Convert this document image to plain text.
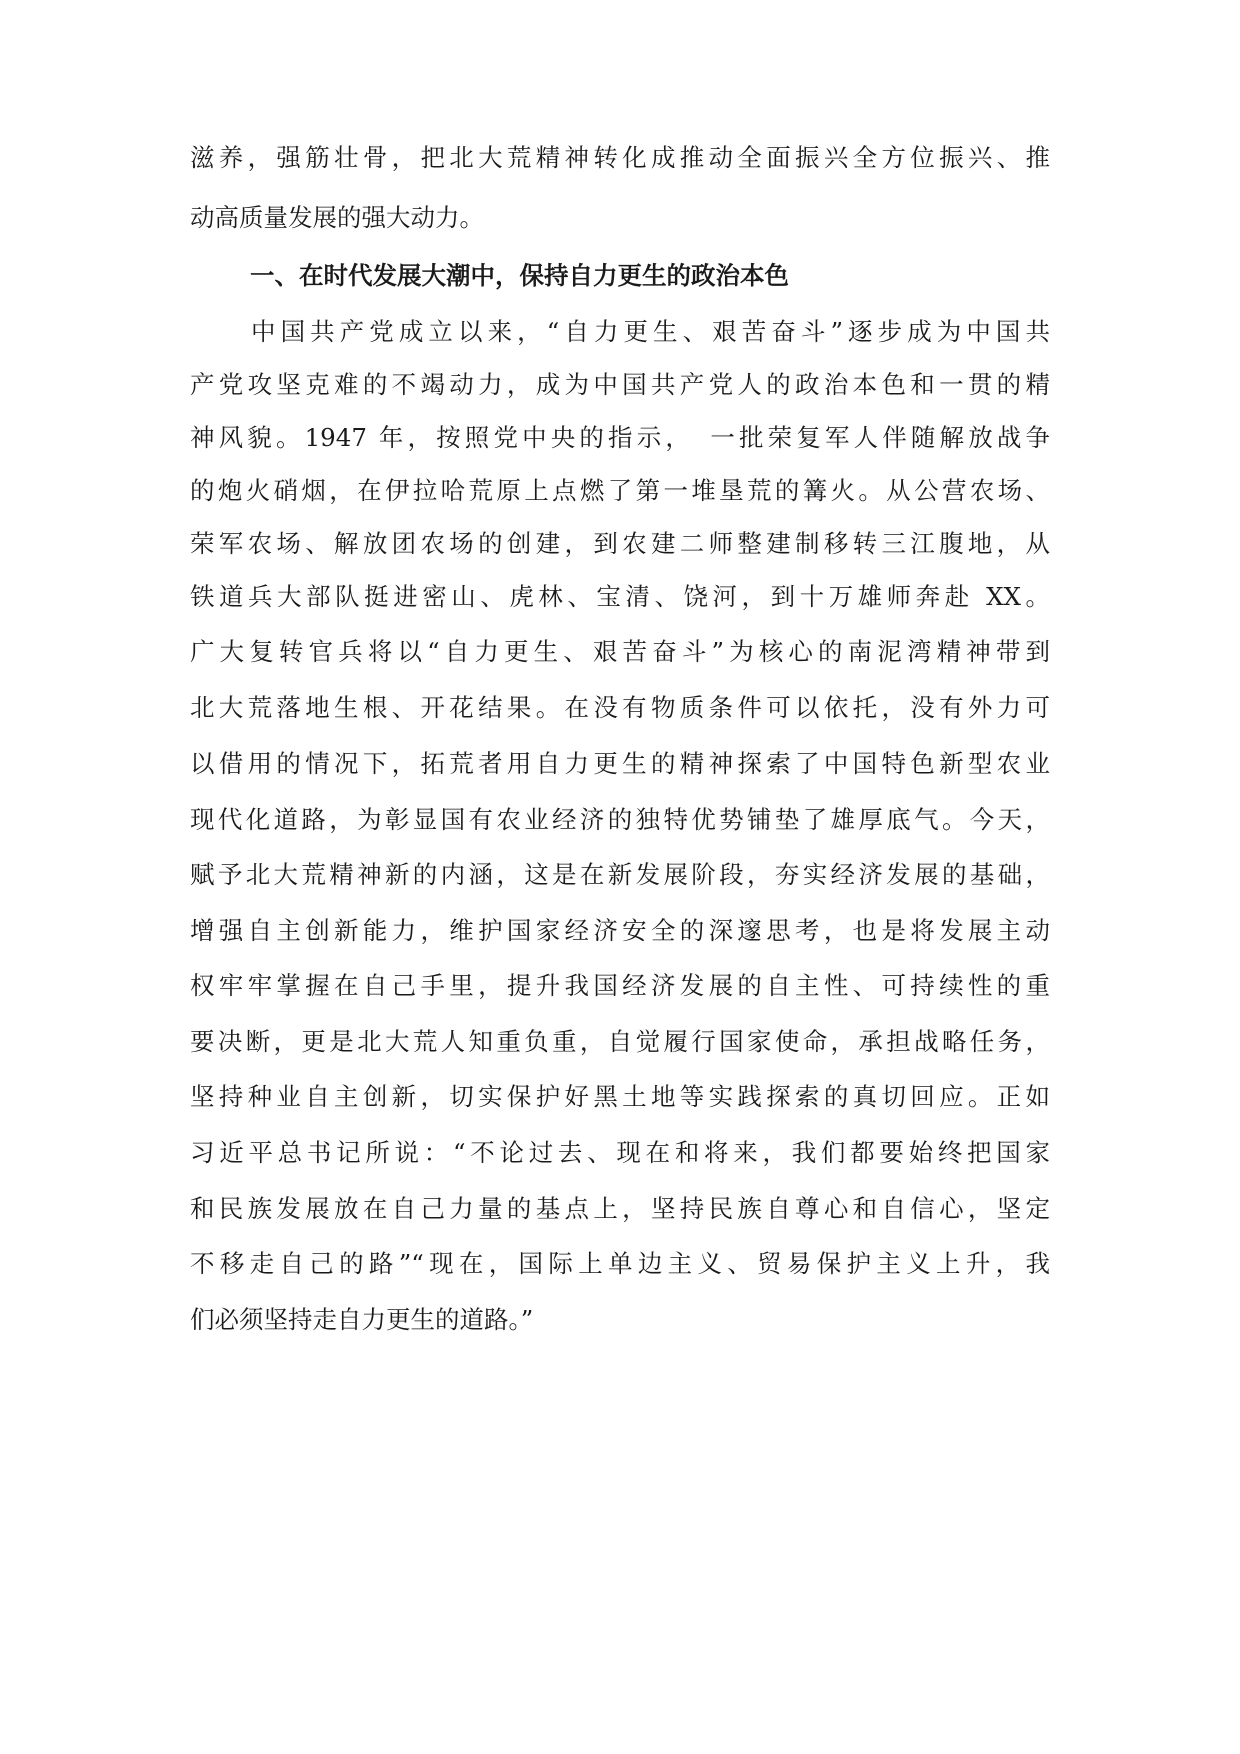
滋养，强筋壮骨，把北大荒精神转化成推动全面振兴全方位振兴、推
动高质量发展的强大动力。
一、在时代发展大潮中，保持自力更生的政治本色
中国共产党成立以来，“自力更生、艰苦奋斗”逐步成为中国共
产党攻坚克难的不竭动力，成为中国共产党人的政治本色和一贯的精
神风貌。1947 年，按照党中央的指示，　一批荣复军人伴随解放战争
的炮火硝烟，在伊拉哈荒原上点燃了第一堆垦荒的篝火。从公营农场、
荣军农场、解放团农场的创建，到农建二师整建制移转三江腹地，从
铁道兵大部队挺进密山、虎林、宝清、饶河，到十万雄师奔赴 XX。
广大复转官兵将以“自力更生、艰苦奋斗”为核心的南泥湾精神带到
北大荒落地生根、开花结果。在没有物质条件可以依托，没有外力可
以借用的情况下，拓荒者用自力更生的精神探索了中国特色新型农业
现代化道路，为彰显国有农业经济的独特优势铺垫了雄厚底气。今天，
赋予北大荒精神新的内涵，这是在新发展阶段，夯实经济发展的基础，
增强自主创新能力，维护国家经济安全的深邃思考，也是将发展主动
权牢牢掌握在自己手里，提升我国经济发展的自主性、可持续性的重
要决断，更是北大荒人知重负重，自觉履行国家使命，承担战略任务，
坚持种业自主创新，切实保护好黑土地等实践探索的真切回应。正如
习近平总书记所说：“不论过去、现在和将来，我们都要始终把国家
和民族发展放在自己力量的基点上，坚持民族自尊心和自信心，坚定
不移走自己的路”“现在，国际上单边主义、贸易保护主义上升，我
们必须坚持走自力更生的道路。”
